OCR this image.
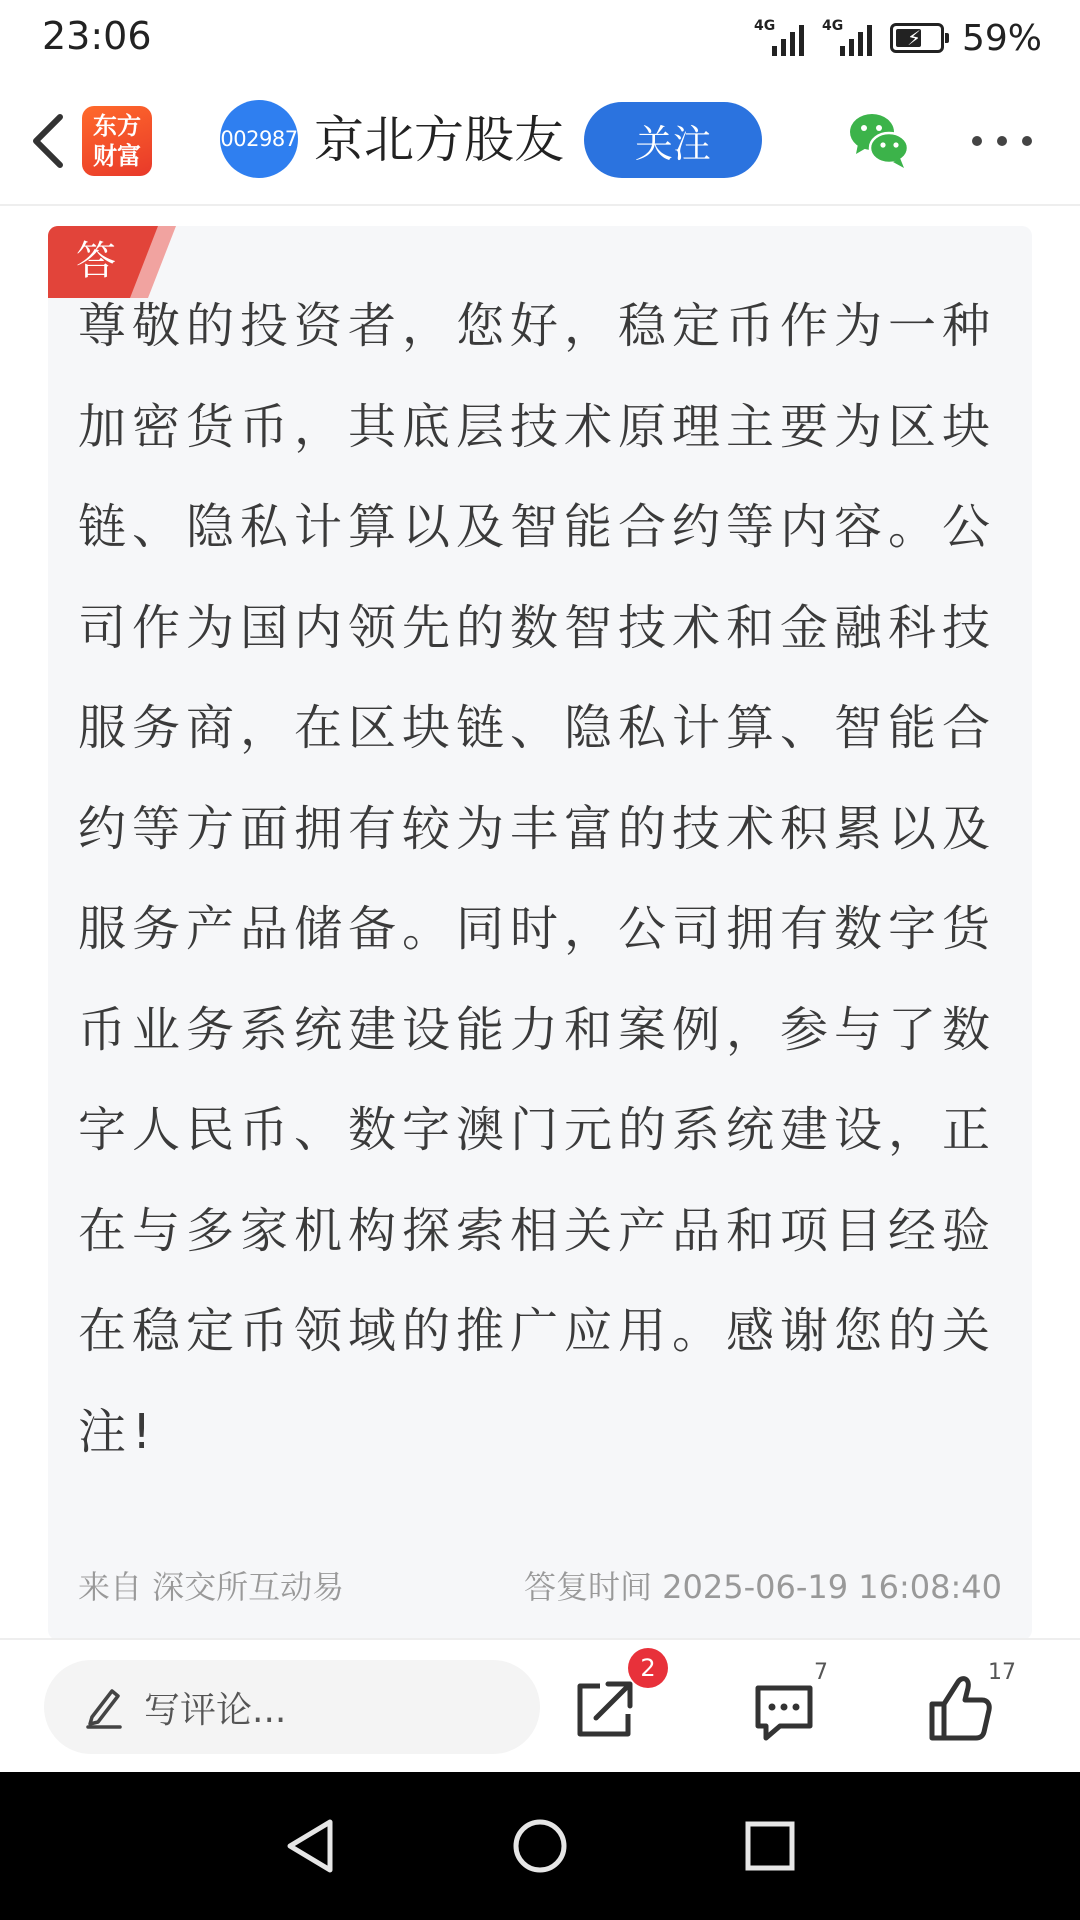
23:06	4G	4G	⚡ 59%
东方
财富
002987 京北方股友	关注
答

尊敬的投资者，您好，稳定币作为一种加密货币，其底层技术原理主要为区块链、隐私计算以及智能合约等内容。公司作为国内领先的数智技术和金融科技服务商，在区块链、隐私计算、智能合约等方面拥有较为丰富的技术积累以及服务产品储备。同时，公司拥有数字货币业务系统建设能力和案例，参与了数字人民币、数字澳门元的系统建设，正在与多家机构探索相关产品和项目经验在稳定币领域的推广应用。感谢您的关注!

来自 深交所互动易	答复时间 2025-06-19 16:08:40
写评论...
2	7	17
